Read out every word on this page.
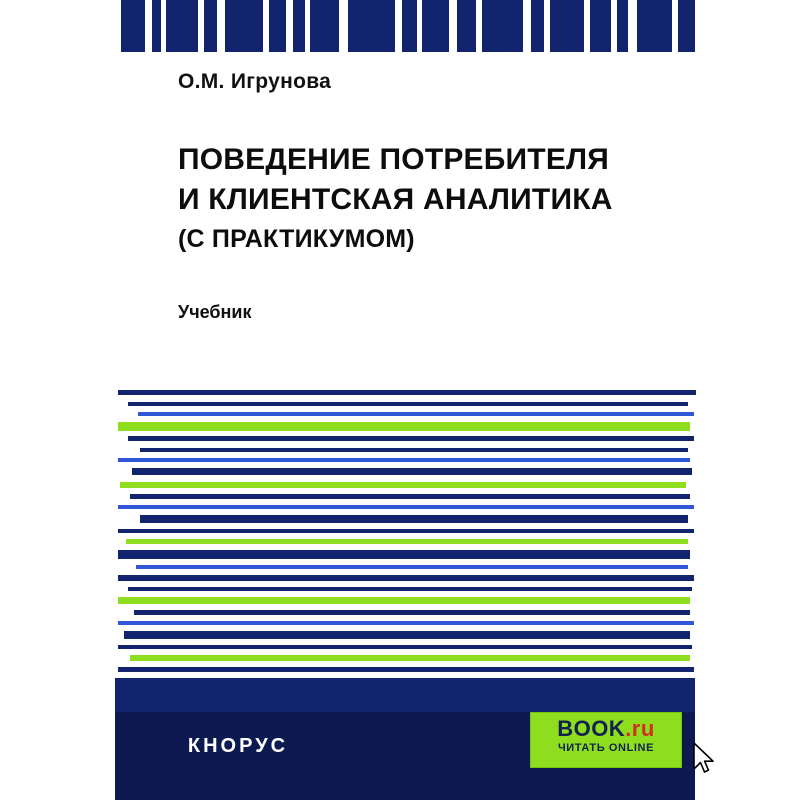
О.М. Игрунова
ПОВЕДЕНИЕ ПОТРЕБИТЕЛЯ
И КЛИЕНТСКАЯ АНАЛИТИКА
(С ПРАКТИКУМОМ)
Учебник
КНОРУС
BOOK.ru
ЧИТАТЬ ONLINE
